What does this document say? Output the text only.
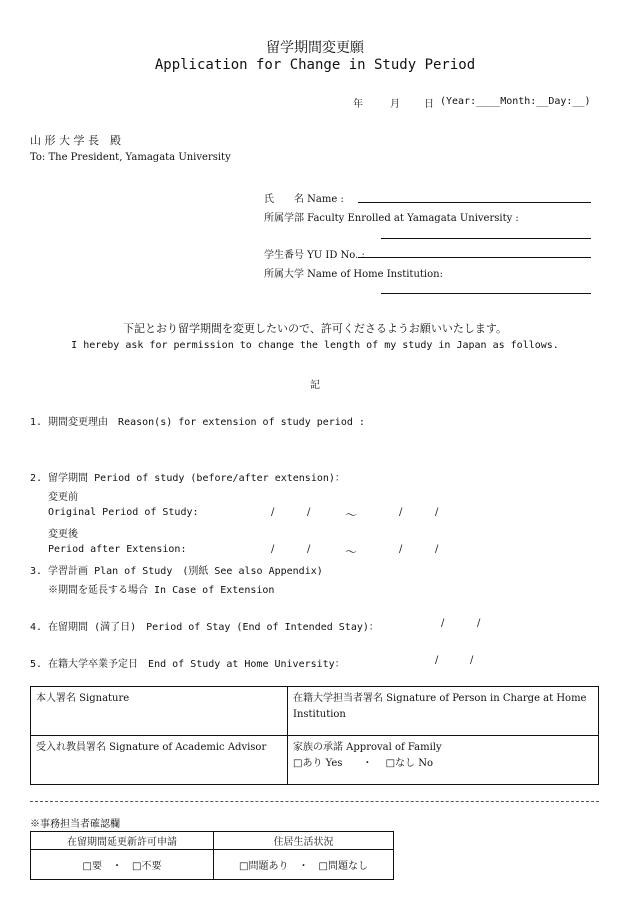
留学期間変更願
Application for Change in Study Period
年	月 日 (Year:____Month:__Day:__)
山 形 大 学 長　殿
To: The President, Yamagata University
氏　　名 Name :
所属学部 Faculty Enrolled at Yamagata University :
学生番号 YU ID No. :
所属大学 Name of Home Institution:
下記とおり留学期間を変更したいので、許可くださるようお願いいたします。
I hereby ask for permission to change the length of my study in Japan as follows.
記
1. 期間変更理由　Reason(s) for extension of study period :
2. 留学期間 Period of study (before/after extension)：
変更前
Original Period of Study:	/	/	～	/	/
変更後
Period after Extension:	/	/	～	/	/
3. 学習計画 Plan of Study　(別紙 See also Appendix)
※期間を延長する場合 In Case of Extension
4. 在留期間 (満了日)　Period of Stay (End of Intended Stay)：	/	/
5. 在籍大学卒業予定日　End of Study at Home University：	/	/
本人署名 Signature	在籍大学担当者署名 Signature of Person in Charge at Home Institution
受入れ教員署名 Signature of Academic Advisor	家族の承諾 Approval of Family
□あり Yes　　・　 □なし No
※事務担当者確認欄
在留期間延更新許可申請	住居生活状況
□要　・　□不要	□問題あり　・　□問題なし
